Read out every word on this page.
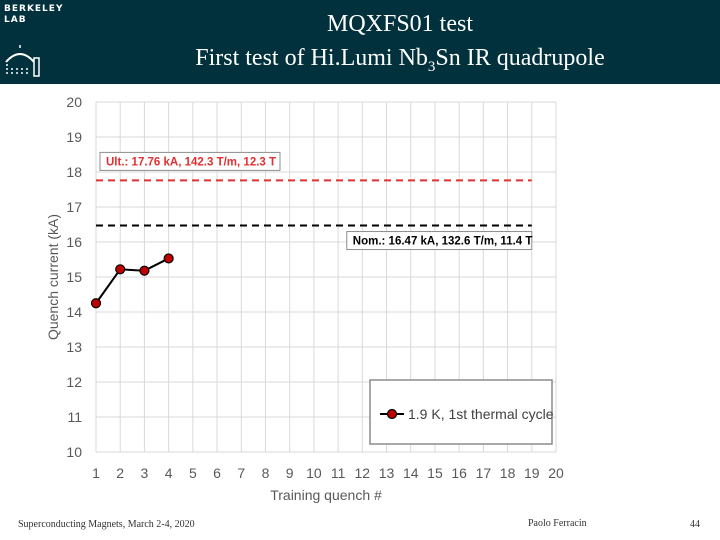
BERKELEY
LAB	MQXFS01 test
First test of Hi.Lumi $Nb_3Sn$ IR quadrupole
1 2 3 4 5 6 7 8 9 10 11 12 13 14 15 16 17 18 19 20
10
11
12
13
14
15
16
17
18
19
20
Ult.: 17.76 kA, 142.3 T/m, 12.3 T
Nom.: 16.47 kA, 132.6 T/m, 11.4 T
1.9 K, 1st thermal cycle
Training quench #
Quench current (kA)
Superconducting Magnets, March 2-4, 2020	Paolo Ferracin	44
